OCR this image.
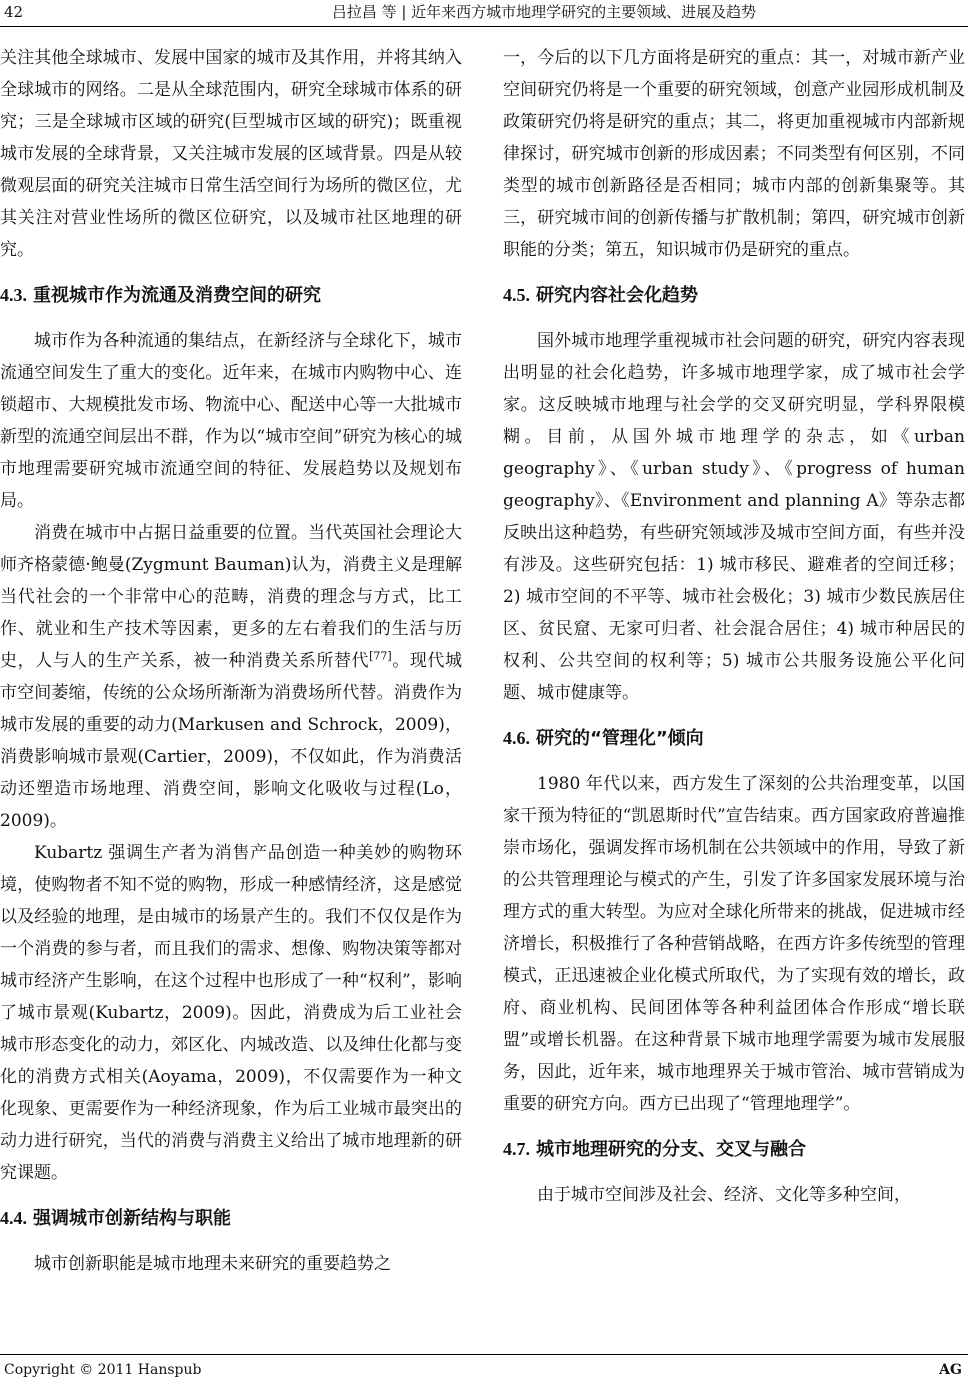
42	吕拉昌 等 | 近年来西方城市地理学研究的主要领域、进展及趋势

关注其他全球城市、发展中国家的城市及其作用，并将其纳入全球城市的网络。二是从全球范围内，研究全球城市体系的研究；三是全球城市区域的研究(巨型城市区域的研究)；既重视城市发展的全球背景，又关注城市发展的区域背景。四是从较微观层面的研究关注城市日常生活空间行为场所的微区位，尤其关注对营业性场所的微区位研究，以及城市社区地理的研究。

4.3. 重视城市作为流通及消费空间的研究

城市作为各种流通的集结点，在新经济与全球化下，城市流通空间发生了重大的变化。近年来，在城市内购物中心、连锁超市、大规模批发市场、物流中心、配送中心等一大批城市新型的流通空间层出不群，作为以“城市空间”研究为核心的城市地理需要研究城市流通空间的特征、发展趋势以及规划布局。

消费在城市中占据日益重要的位置。当代英国社会理论大师齐格蒙德·鲍曼(Zygmunt Bauman)认为，消费主义是理解当代社会的一个非常中心的范畴，消费的理念与方式，比工作、就业和生产技术等因素，更多的左右着我们的生活与历史，人与人的生产关系，被一种消费关系所替代[77]。现代城市空间萎缩，传统的公众场所渐渐为消费场所代替。消费作为城市发展的重要的动力(Markusen and Schrock，2009)，消费影响城市景观(Cartier，2009)，不仅如此，作为消费活动还塑造市场地理、消费空间，影响文化吸收与过程(Lo，2009)。

Kubartz 强调生产者为消售产品创造一种美妙的购物环境，使购物者不知不觉的购物，形成一种感情经济，这是感觉以及经验的地理，是由城市的场景产生的。我们不仅仅是作为一个消费的参与者，而且我们的需求、想像、购物决策等都对城市经济产生影响，在这个过程中也形成了一种“权利”，影响了城市景观(Kubartz，2009)。因此，消费成为后工业社会城市形态变化的动力，郊区化、内城改造、以及绅仕化都与变化的消费方式相关(Aoyama，2009)，不仅需要作为一种文化现象、更需要作为一种经济现象，作为后工业城市最突出的动力进行研究，当代的消费与消费主义给出了城市地理新的研究课题。

4.4. 强调城市创新结构与职能

城市创新职能是城市地理未来研究的重要趋势之

一，今后的以下几方面将是研究的重点：其一，对城市新产业空间研究仍将是一个重要的研究领域，创意产业园形成机制及政策研究仍将是研究的重点；其二，将更加重视城市内部新规律探讨，研究城市创新的形成因素；不同类型有何区别，不同类型的城市创新路径是否相同；城市内部的创新集聚等。其三，研究城市间的创新传播与扩散机制；第四，研究城市创新职能的分类；第五，知识城市仍是研究的重点。

4.5. 研究内容社会化趋势

国外城市地理学重视城市社会问题的研究，研究内容表现出明显的社会化趋势，许多城市地理学家，成了城市社会学家。这反映城市地理与社会学的交叉研究明显，学科界限模糊。目前，从国外城市地理学的杂志，如《urban geography》、《urban study》、《progress of human geography》、《Environment and planning A》等杂志都反映出这种趋势，有些研究领域涉及城市空间方面，有些并没有涉及。这些研究包括：1) 城市移民、避难者的空间迁移；2) 城市空间的不平等、城市社会极化；3) 城市少数民族居住区、贫民窟、无家可归者、社会混合居住；4) 城市种居民的权利、公共空间的权利等；5) 城市公共服务设施公平化问题、城市健康等。

4.6. 研究的“管理化”倾向

1980 年代以来，西方发生了深刻的公共治理变革，以国家干预为特征的“凯恩斯时代”宣告结束。西方国家政府普遍推崇市场化，强调发挥市场机制在公共领域中的作用，导致了新的公共管理理论与模式的产生，引发了许多国家发展环境与治理方式的重大转型。为应对全球化所带来的挑战，促进城市经济增长，积极推行了各种营销战略，在西方许多传统型的管理模式，正迅速被企业化模式所取代，为了实现有效的增长，政府、商业机构、民间团体等各种利益团体合作形成“增长联盟”或增长机器。在这种背景下城市地理学需要为城市发展服务，因此，近年来，城市地理界关于城市管治、城市营销成为重要的研究方向。西方已出现了“管理地理学”。

4.7. 城市地理研究的分支、交叉与融合

由于城市空间涉及社会、经济、文化等多种空间，

Copyright © 2011 Hanspub	AG
